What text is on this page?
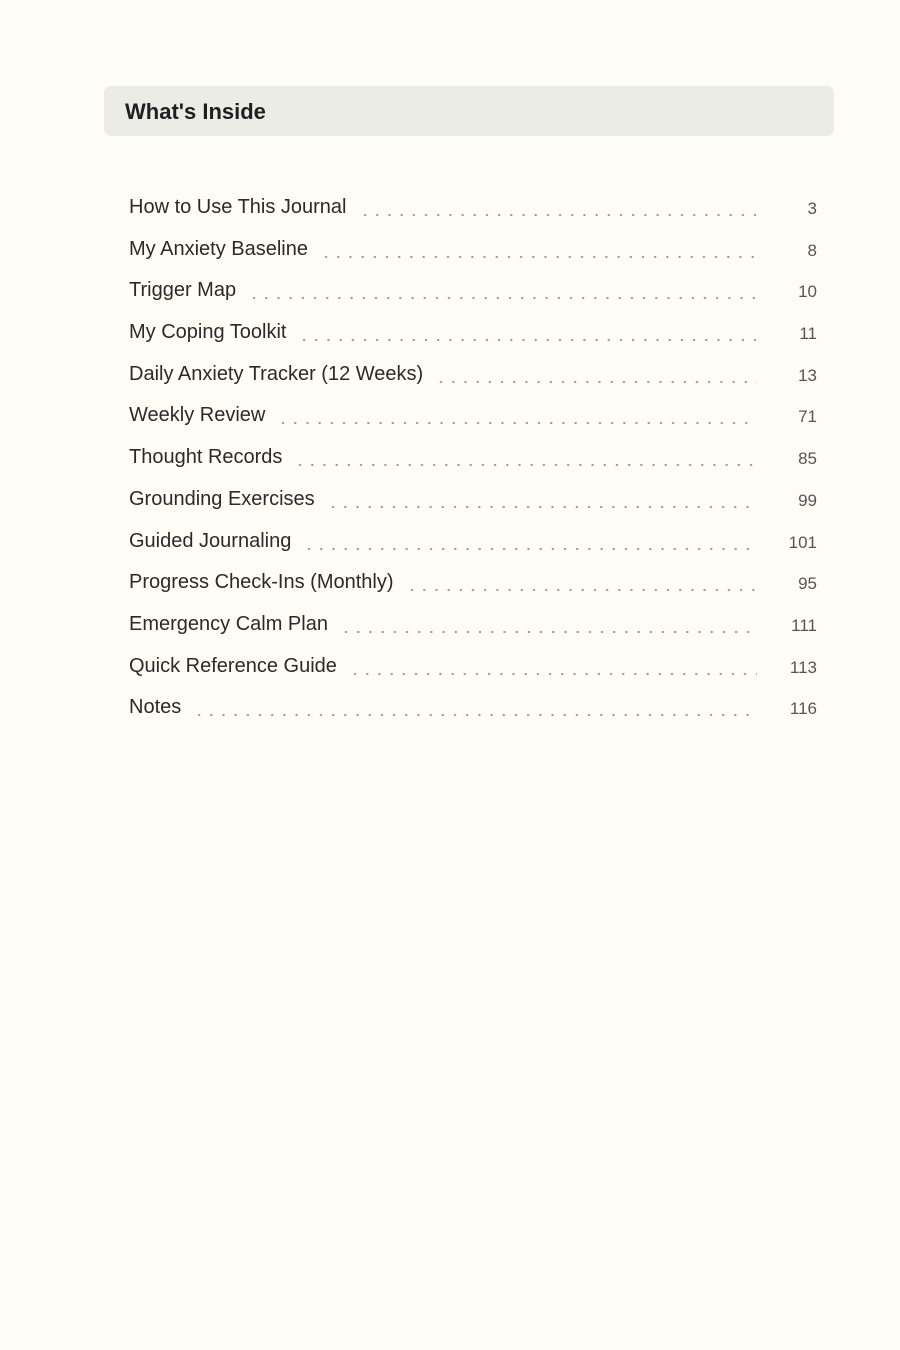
What's Inside
How to Use This Journal	3
My Anxiety Baseline	8
Trigger Map	10
My Coping Toolkit	11
Daily Anxiety Tracker (12 Weeks)	13
Weekly Review	71
Thought Records	85
Grounding Exercises	99
Guided Journaling	101
Progress Check-Ins (Monthly)	95
Emergency Calm Plan	111
Quick Reference Guide	113
Notes	116
